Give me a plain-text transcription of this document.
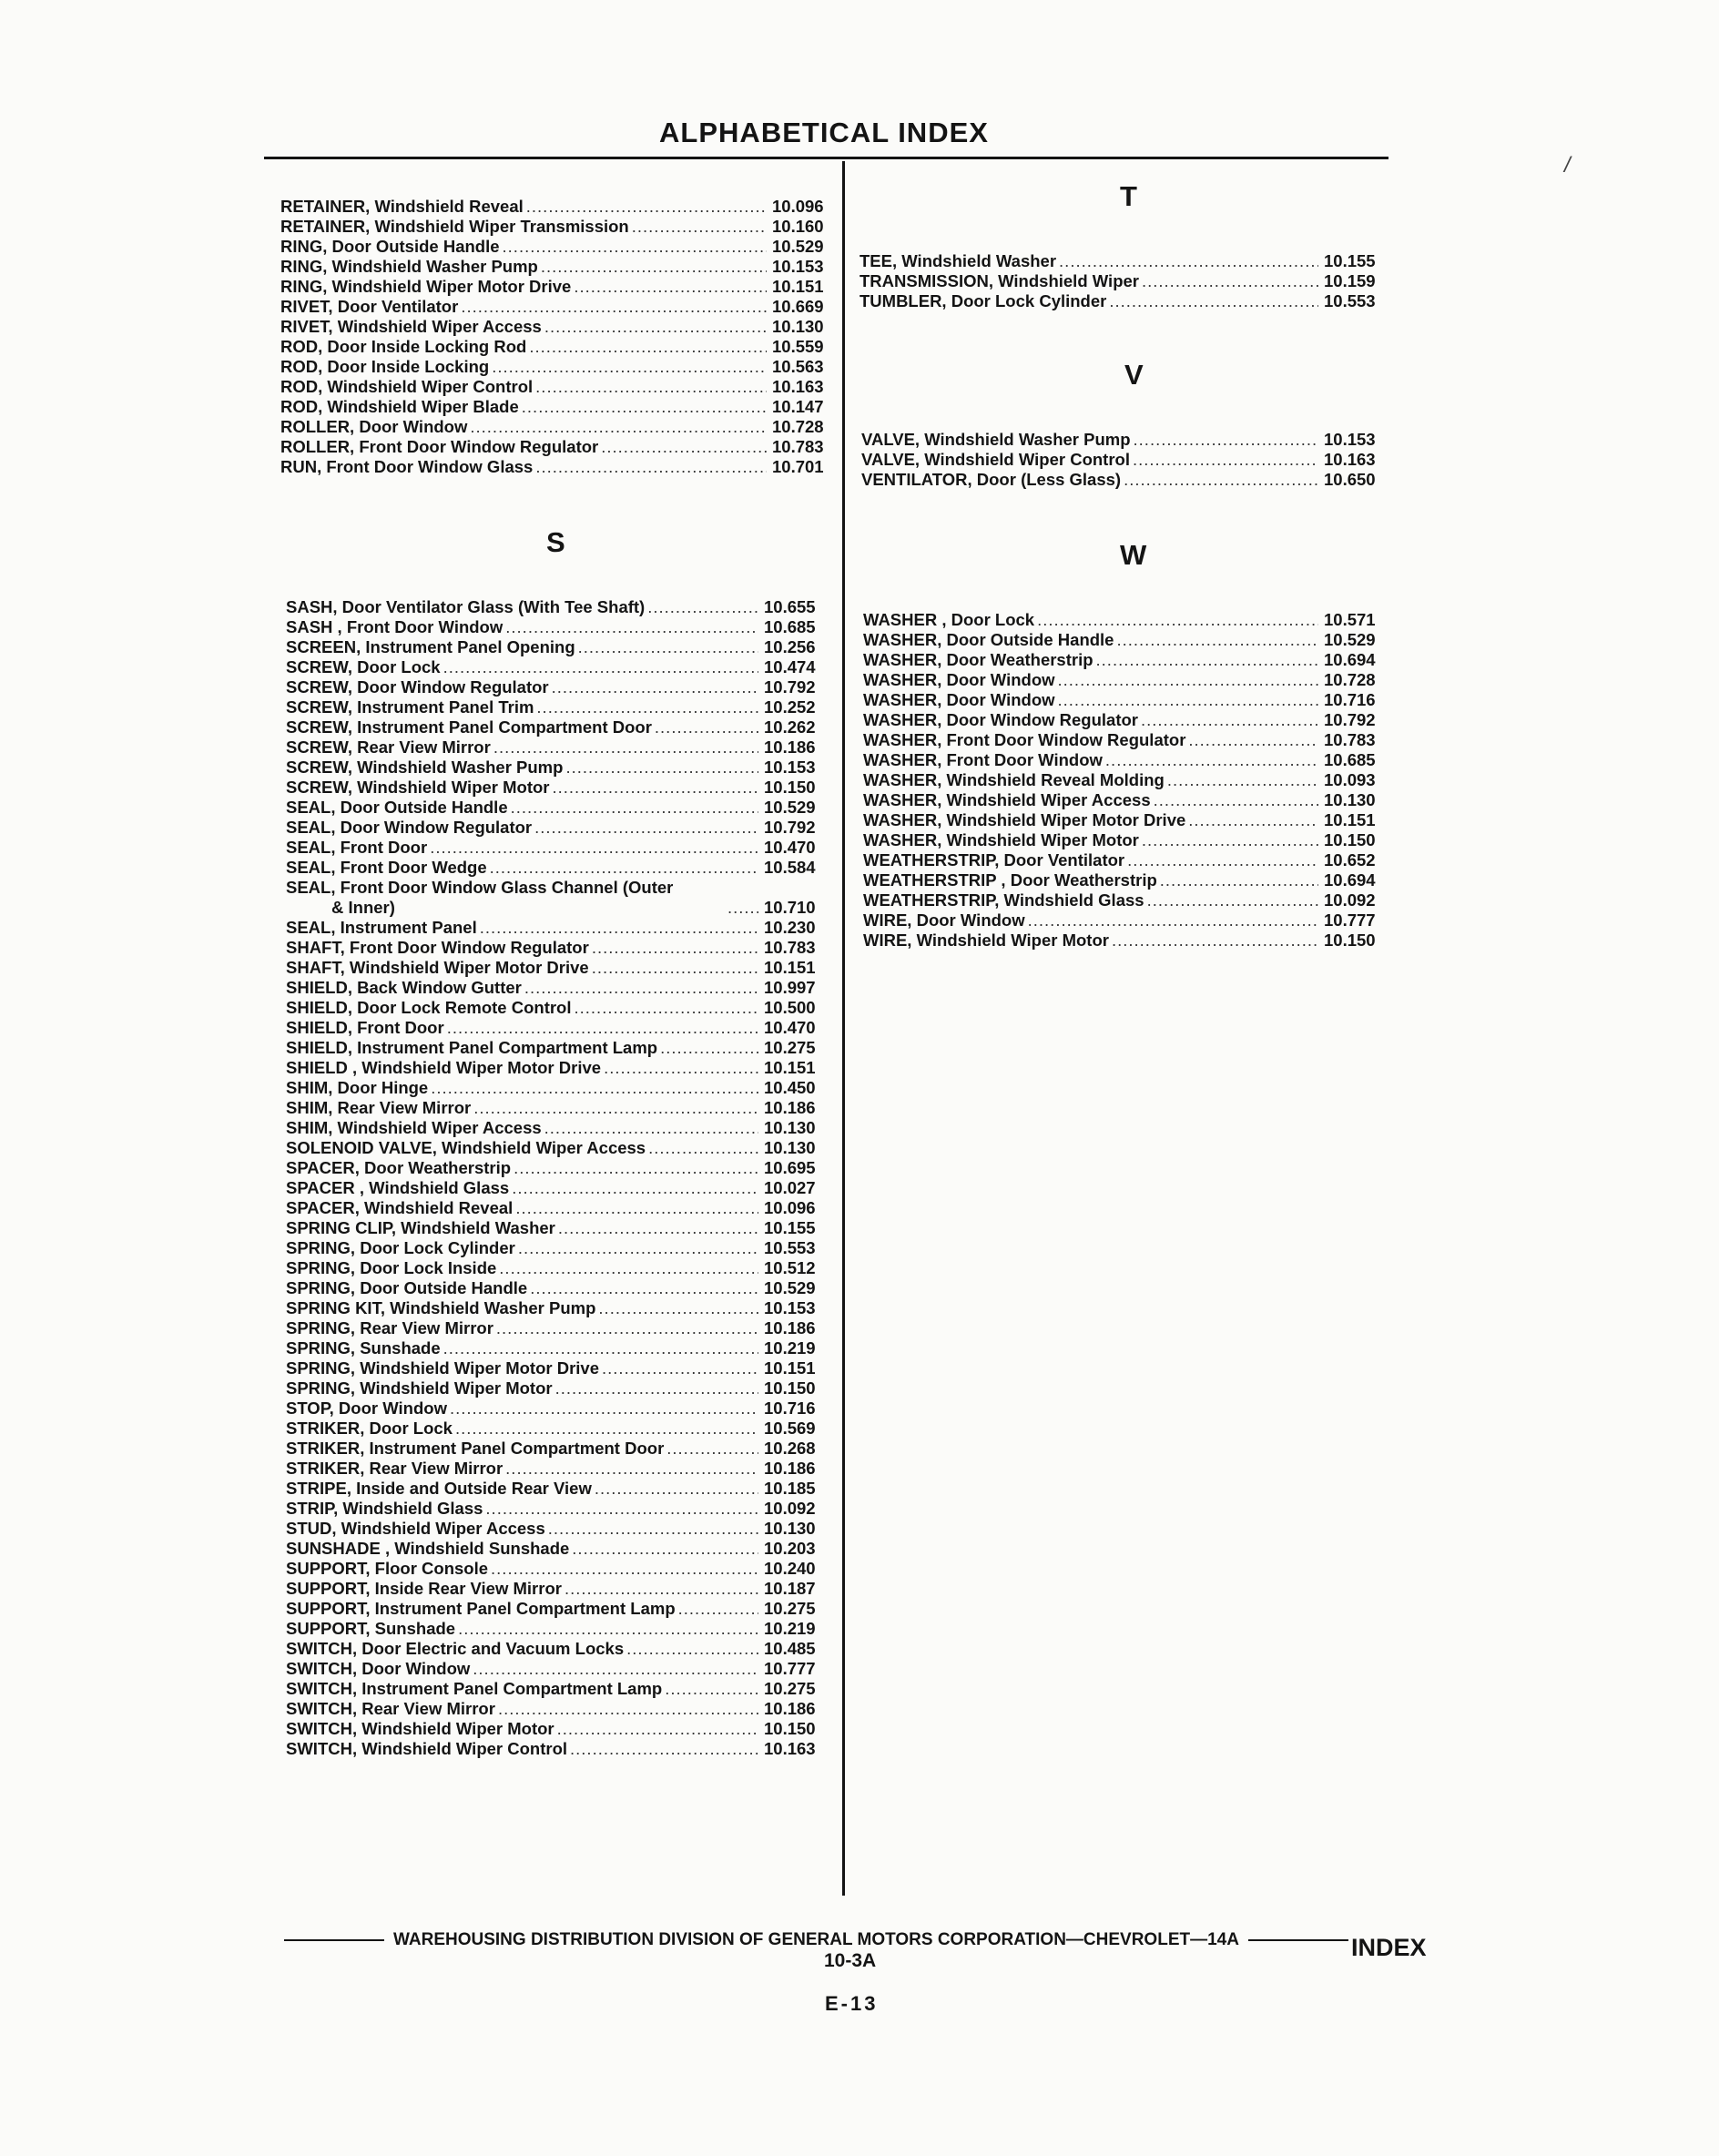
ALPHABETICAL INDEX
/
RETAINER, Windshield Reveal .....	10.096
RETAINER, Windshield Wiper Transmission .....	10.160
RING, Door Outside Handle .....	10.529
RING, Windshield Washer Pump .....	10.153
RING, Windshield Wiper Motor Drive .....	10.151
RIVET, Door Ventilator .....	10.669
RIVET, Windshield Wiper Access .....	10.130
ROD, Door Inside Locking Rod .....	10.559
ROD, Door Inside Locking .....	10.563
ROD, Windshield Wiper Control .....	10.163
ROD, Windshield Wiper Blade .....	10.147
ROLLER, Door Window .....	10.728
ROLLER, Front Door Window Regulator .....	10.783
RUN, Front Door Window Glass .....	10.701
S
SASH, Door Ventilator Glass (With Tee Shaft) .....	10.655
SASH , Front Door Window .....	10.685
SCREEN, Instrument Panel Opening .....	10.256
SCREW, Door Lock .....	10.474
SCREW, Door Window Regulator .....	10.792
SCREW, Instrument Panel Trim .....	10.252
SCREW, Instrument Panel Compartment Door .....	10.262
SCREW, Rear View Mirror .....	10.186
SCREW, Windshield Washer Pump .....	10.153
SCREW, Windshield Wiper Motor .....	10.150
SEAL, Door Outside Handle .....	10.529
SEAL, Door Window Regulator .....	10.792
SEAL, Front Door .....	10.470
SEAL, Front Door Wedge .....	10.584
SEAL, Front Door Window Glass Channel (Outer
& Inner) .....	10.710
SEAL, Instrument Panel .....	10.230
SHAFT, Front Door Window Regulator .....	10.783
SHAFT, Windshield Wiper Motor Drive .....	10.151
SHIELD, Back Window Gutter .....	10.997
SHIELD, Door Lock Remote Control .....	10.500
SHIELD, Front Door .....	10.470
SHIELD, Instrument Panel Compartment Lamp .....	10.275
SHIELD , Windshield Wiper Motor Drive .....	10.151
SHIM, Door Hinge .....	10.450
SHIM, Rear View Mirror .....	10.186
SHIM, Windshield Wiper Access .....	10.130
SOLENOID VALVE, Windshield Wiper Access .....	10.130
SPACER, Door Weatherstrip .....	10.695
SPACER , Windshield Glass .....	10.027
SPACER, Windshield Reveal .....	10.096
SPRING CLIP, Windshield Washer .....	10.155
SPRING, Door Lock Cylinder .....	10.553
SPRING, Door Lock Inside .....	10.512
SPRING, Door Outside Handle .....	10.529
SPRING KIT, Windshield Washer Pump .....	10.153
SPRING, Rear View Mirror .....	10.186
SPRING, Sunshade .....	10.219
SPRING, Windshield Wiper Motor Drive .....	10.151
SPRING, Windshield Wiper Motor .....	10.150
STOP, Door Window .....	10.716
STRIKER, Door Lock .....	10.569
STRIKER, Instrument Panel Compartment Door .....	10.268
STRIKER, Rear View Mirror .....	10.186
STRIPE, Inside and Outside Rear View .....	10.185
STRIP, Windshield Glass .....	10.092
STUD, Windshield Wiper Access .....	10.130
SUNSHADE , Windshield Sunshade .....	10.203
SUPPORT, Floor Console .....	10.240
SUPPORT, Inside Rear View Mirror .....	10.187
SUPPORT, Instrument Panel Compartment Lamp .....	10.275
SUPPORT, Sunshade .....	10.219
SWITCH, Door Electric and Vacuum Locks .....	10.485
SWITCH, Door Window .....	10.777
SWITCH, Instrument Panel Compartment Lamp .....	10.275
SWITCH, Rear View Mirror .....	10.186
SWITCH, Windshield Wiper Motor .....	10.150
SWITCH, Windshield Wiper Control .....	10.163
T
TEE, Windshield Washer .....	10.155
TRANSMISSION, Windshield Wiper .....	10.159
TUMBLER, Door Lock Cylinder .....	10.553
V
VALVE, Windshield Washer Pump .....	10.153
VALVE, Windshield Wiper Control .....	10.163
VENTILATOR, Door (Less Glass) .....	10.650
W
WASHER , Door Lock .....	10.571
WASHER, Door Outside Handle .....	10.529
WASHER, Door Weatherstrip .....	10.694
WASHER, Door Window .....	10.728
WASHER, Door Window .....	10.716
WASHER, Door Window Regulator .....	10.792
WASHER, Front Door Window Regulator .....	10.783
WASHER, Front Door Window .....	10.685
WASHER, Windshield Reveal Molding .....	10.093
WASHER, Windshield Wiper Access .....	10.130
WASHER, Windshield Wiper Motor Drive .....	10.151
WASHER, Windshield Wiper Motor .....	10.150
WEATHERSTRIP, Door Ventilator .....	10.652
WEATHERSTRIP , Door Weatherstrip .....	10.694
WEATHERSTRIP, Windshield Glass .....	10.092
WIRE, Door Window .....	10.777
WIRE, Windshield Wiper Motor .....	10.150
WAREHOUSING DISTRIBUTION DIVISION OF GENERAL MOTORS CORPORATION—CHEVROLET—14A	INDEX
10-3A
E-13
